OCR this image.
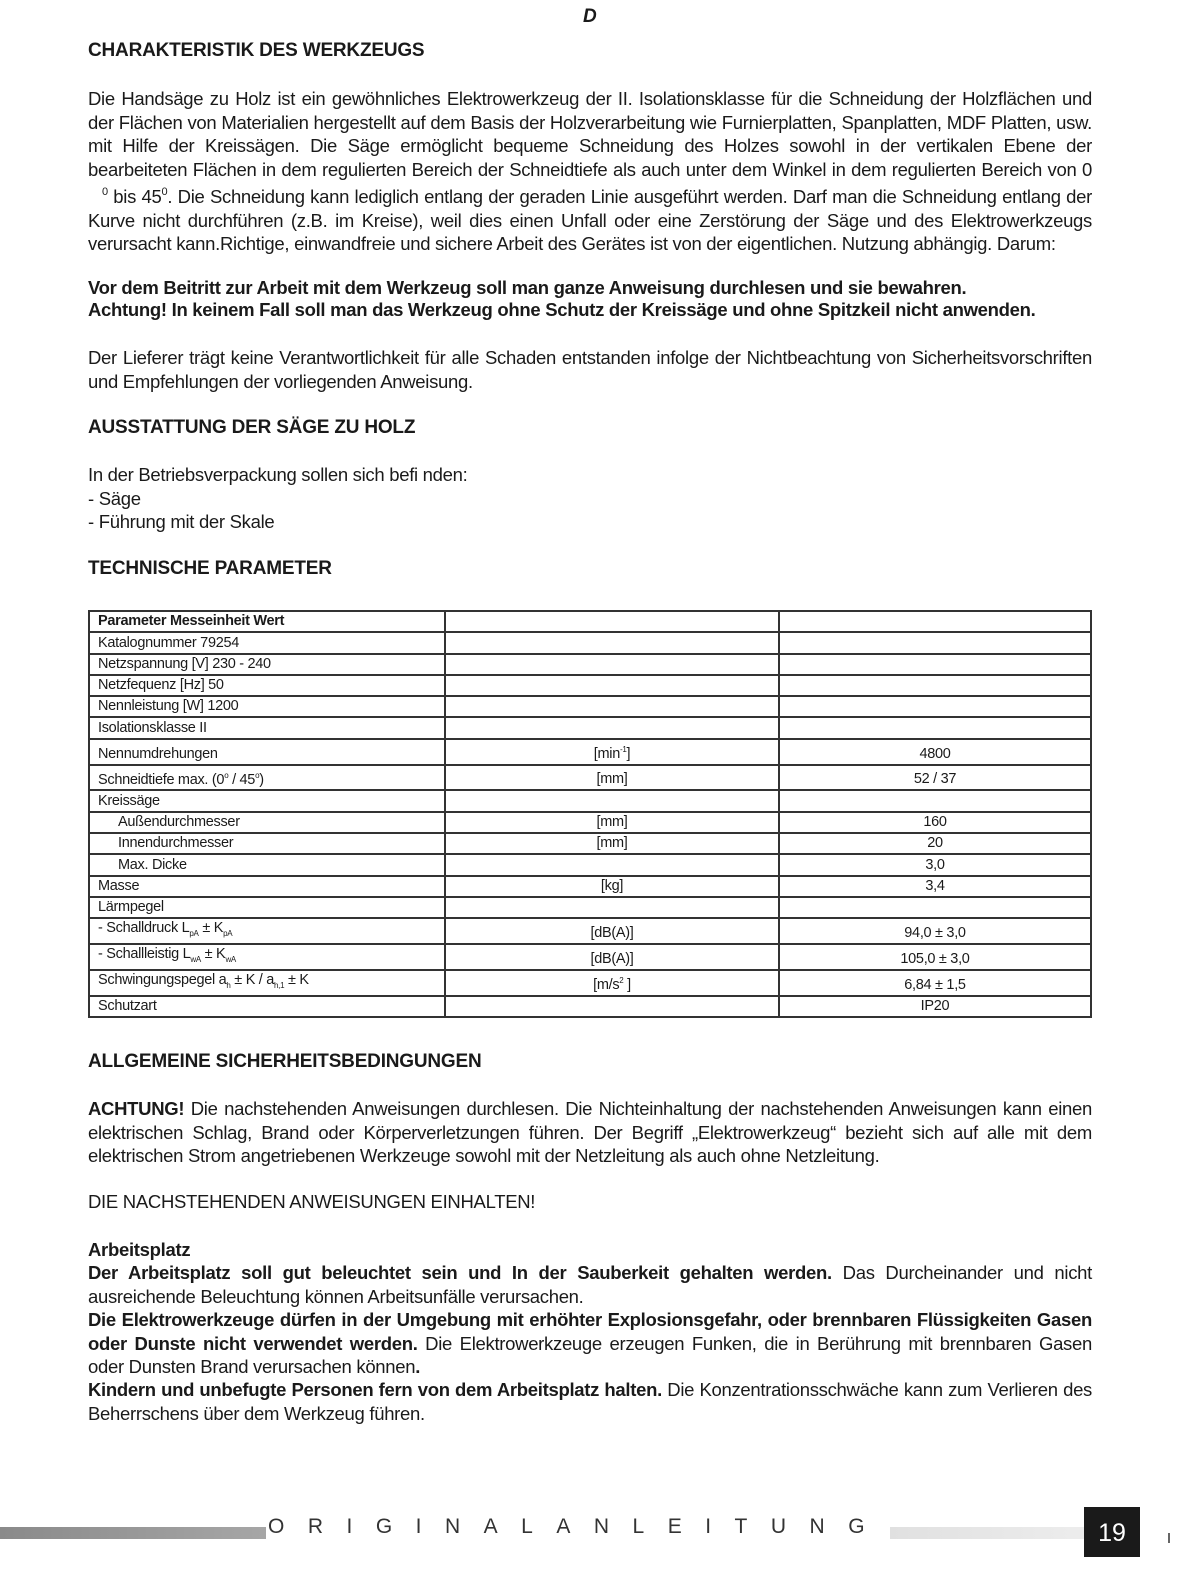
D
CHARAKTERISTIK DES WERKZEUGS

Die Handsäge zu Holz ist ein gewöhnliches Elektrowerkzeug der II. Isolationsklasse für die Schneidung der Holzflächen und der Flächen von Materialien hergestellt auf dem Basis der Holzverarbeitung wie Furnierplatten, Spanplatten, MDF Platten, usw. mit Hilfe der Kreissägen. Die Säge ermöglicht bequeme Schneidung des Holzes sowohl in der vertikalen Ebene der bearbeiteten Flächen in dem regulierten Bereich der Schneidtiefe als auch unter dem Winkel in dem regulierten Bereich von $0^0$ bis $45^0$. Die Schneidung kann lediglich entlang der geraden Linie ausgeführt werden. Darf man die Schneidung entlang der Kurve nicht durchführen (z.B. im Kreise), weil dies einen Unfall oder eine Zerstörung der Säge und des Elektrowerkzeugs verursacht kann.Richtige, einwandfreie und sichere Arbeit des Gerätes ist von der eigentlichen. Nutzung abhängig. Darum:

Vor dem Beitritt zur Arbeit mit dem Werkzeug soll man ganze Anweisung durchlesen und sie bewahren.

Achtung! In keinem Fall soll man das Werkzeug ohne Schutz der Kreissäge und ohne Spitzkeil nicht anwenden.

Der Lieferer trägt keine Verantwortlichkeit für alle Schaden entstanden infolge der Nichtbeachtung von Sicherheitsvorschriften und Empfehlungen der vorliegenden Anweisung.

AUSSTATTUNG DER SÄGE ZU HOLZ

In der Betriebsverpackung sollen sich befi nden:

- Säge

- Führung mit der Skale

TECHNISCHE PARAMETER
Parameter Messeinheit Wert		
Katalognummer 79254		
Netzspannung [V] 230 - 240		
Netzfequenz [Hz] 50		
Nennleistung [W] 1200		
Isolationsklasse II		
Nennumdrehungen	$[\min^{-1}]$	4800
Schneidtiefe max. (0$^o$ / 45$^o$)	[mm]	52 / 37
Kreissäge		
Außendurchmesser	[mm]	160
Innendurchmesser	[mm]	20
Max. Dicke		3,0
Masse	[kg]	3,4
Lärmpegel		
- Schalldruck $L_{pA} \pm K_{pA}$	[dB(A)]	94,0 ± 3,0
- Schallleistig $L_{wA} \pm K_{wA}$	[dB(A)]	105,0 ± 3,0
Schwingungspegel $a_h \pm K / a_{h,1} \pm K$	[$m/s^2$ ]	6,84 ± 1,5
Schutzart		IP20
ALLGEMEINE SICHERHEITSBEDINGUNGEN

ACHTUNG! Die nachstehenden Anweisungen durchlesen. Die Nichteinhaltung der nachstehenden Anweisungen kann einen elektrischen Schlag, Brand oder Körperverletzungen führen. Der Begriff „Elektrowerkzeug“ bezieht sich auf alle mit dem elektrischen Strom angetriebenen Werkzeuge sowohl mit der Netzleitung als auch ohne Netzleitung.

DIE NACHSTEHENDEN ANWEISUNGEN EINHALTEN!

Arbeitsplatz

Der Arbeitsplatz soll gut beleuchtet sein und In der Sauberkeit gehalten werden. Das Durcheinander und nicht ausreichende Beleuchtung können Arbeitsunfälle verursachen.

Die Elektrowerkzeuge dürfen in der Umgebung mit erhöhter Explosionsgefahr, oder brennbaren Flüssigkeiten Gasen oder Dunste nicht verwendet werden. Die Elektrowerkzeuge erzeugen Funken, die in Berührung mit brennbaren Gasen oder Dunsten Brand verursachen können.

Kindern und unbefugte Personen fern von dem Arbeitsplatz halten. Die Konzentrationsschwäche kann zum Verlieren des Beherrschens über dem Werkzeug führen.

ORIGINALANLEITUNG	19
